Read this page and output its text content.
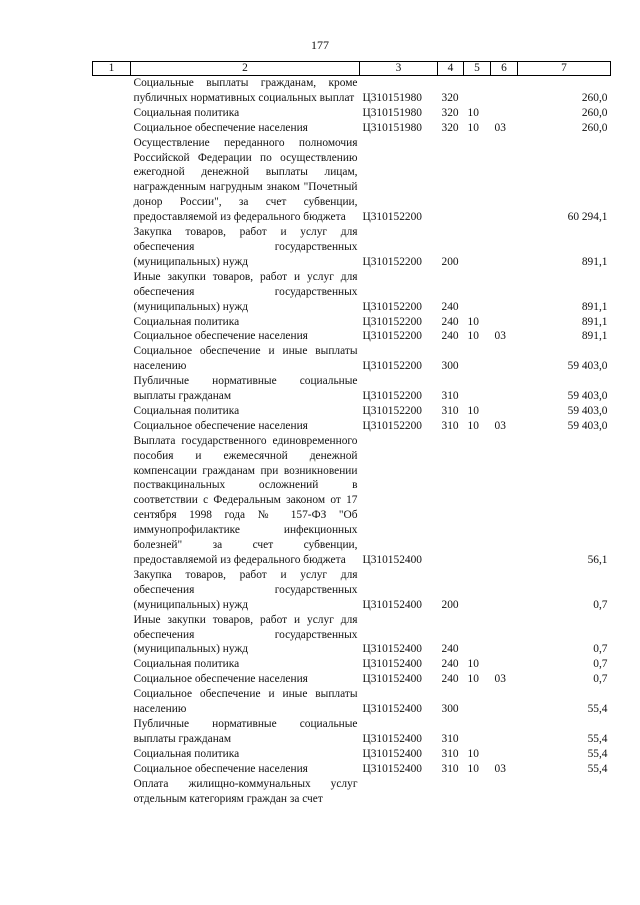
177
1	2	3	4	5	6	7
	Социальные выплаты гражданам, кроме публичных нормативных социальных выплат	Ц310151980	320			260,0
	Социальная политика	Ц310151980	320	10		260,0
	Социальное обеспечение населения	Ц310151980	320	10	03	260,0
	Осуществление переданного полномочия Российской Федерации по осуществлению ежегодной денежной выплаты лицам, награжденным нагрудным знаком "Почетный донор России", за счет субвенции, предоставляемой из федерального бюджета	Ц310152200				60 294,1
	Закупка товаров, работ и услуг для обеспечения государственных (муниципальных) нужд	Ц310152200	200			891,1
	Иные закупки товаров, работ и услуг для обеспечения государственных (муниципальных) нужд	Ц310152200	240			891,1
	Социальная политика	Ц310152200	240	10		891,1
	Социальное обеспечение населения	Ц310152200	240	10	03	891,1
	Социальное обеспечение и иные выплаты населению	Ц310152200	300			59 403,0
	Публичные нормативные социальные выплаты гражданам	Ц310152200	310			59 403,0
	Социальная политика	Ц310152200	310	10		59 403,0
	Социальное обеспечение населения	Ц310152200	310	10	03	59 403,0
	Выплата государственного единовременного пособия и ежемесячной денежной компенсации гражданам при возникновении поствакцинальных осложнений в соответствии с Федеральным законом от 17 сентября 1998 года № 157-ФЗ "Об иммунопрофилактике инфекционных болезней" за счет субвенции, предоставляемой из федерального бюджета	Ц310152400				56,1
	Закупка товаров, работ и услуг для обеспечения государственных (муниципальных) нужд	Ц310152400	200			0,7
	Иные закупки товаров, работ и услуг для обеспечения государственных (муниципальных) нужд	Ц310152400	240			0,7
	Социальная политика	Ц310152400	240	10		0,7
	Социальное обеспечение населения	Ц310152400	240	10	03	0,7
	Социальное обеспечение и иные выплаты населению	Ц310152400	300			55,4
	Публичные нормативные социальные выплаты гражданам	Ц310152400	310			55,4
	Социальная политика	Ц310152400	310	10		55,4
	Социальное обеспечение населения	Ц310152400	310	10	03	55,4
	Оплата жилищно-коммунальных услуг отдельным категориям граждан за счет					
